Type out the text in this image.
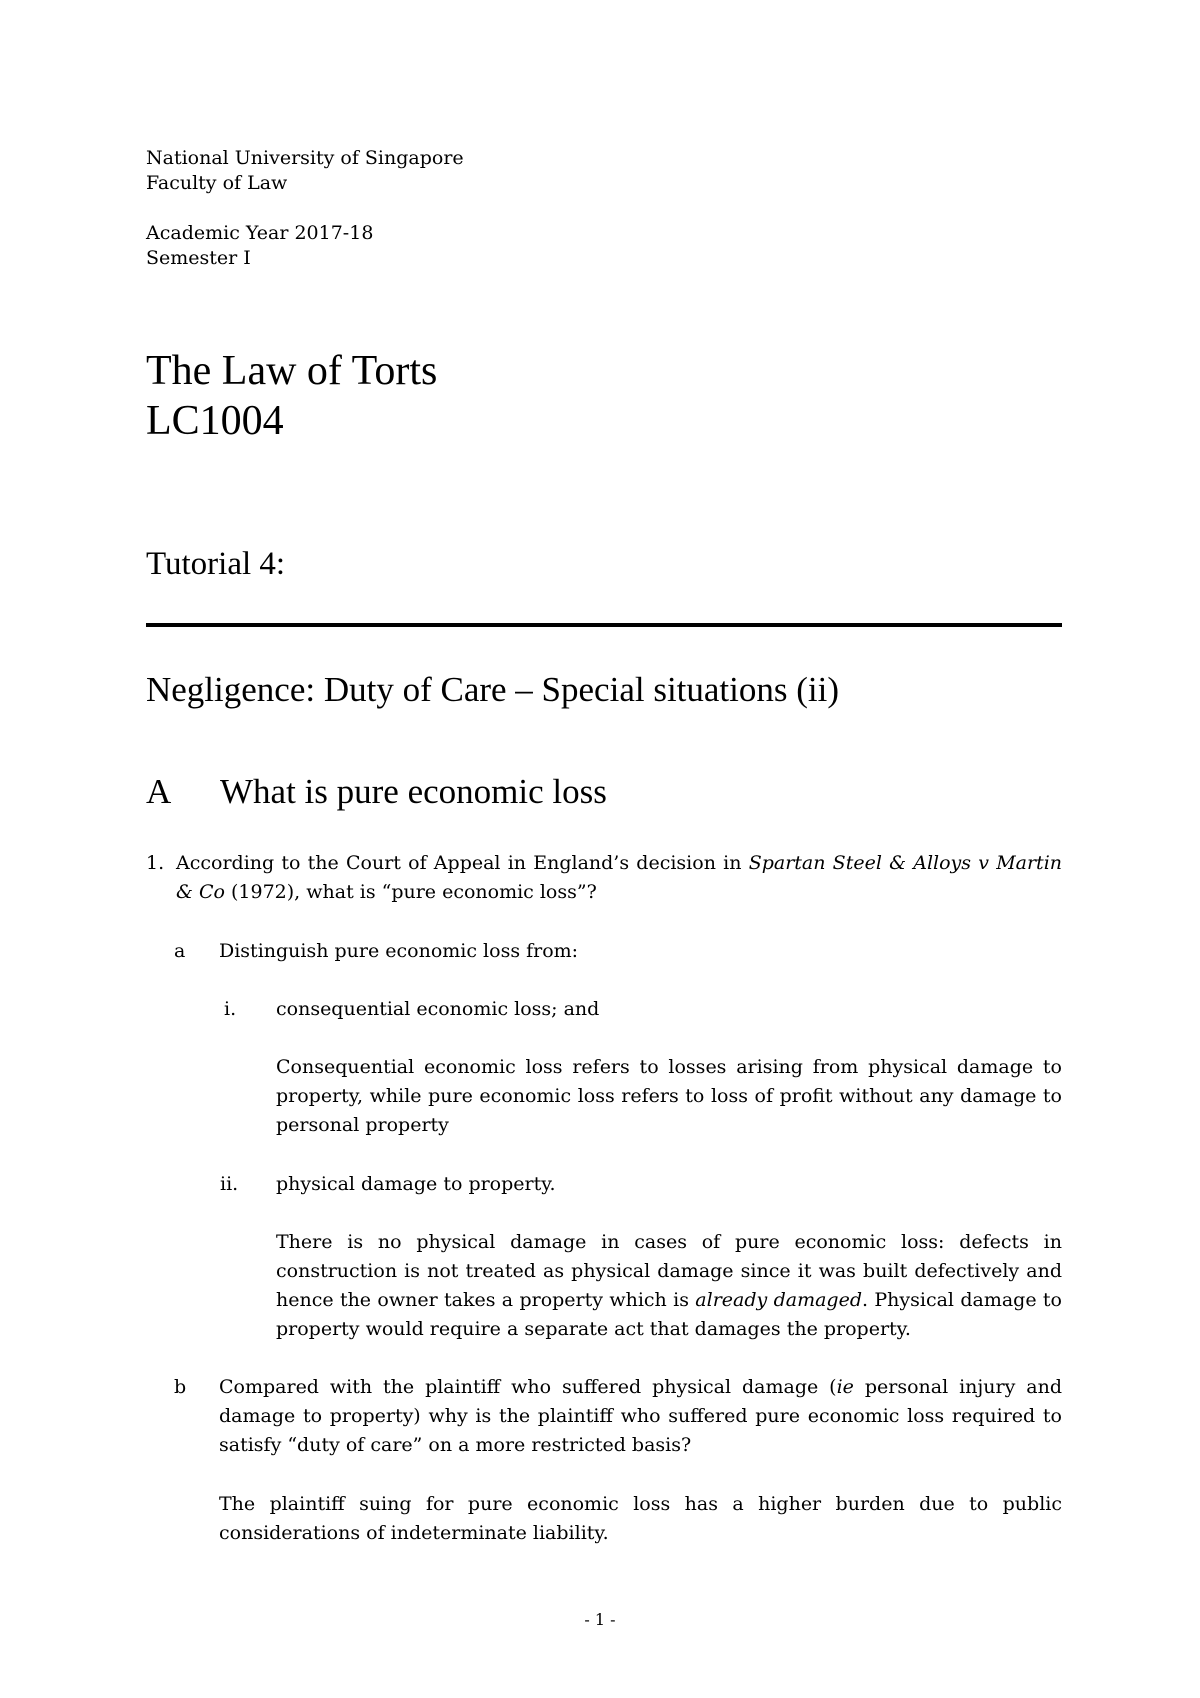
National University of Singapore
Faculty of Law
Academic Year 2017-18
Semester I
The Law of Torts
LC1004
Tutorial 4:
Negligence: Duty of Care – Special situations (ii)
A What is pure economic loss
1. According to the Court of Appeal in England’s decision in Spartan Steel & Alloys v Martin & Co (1972), what is “pure economic loss”?
a Distinguish pure economic loss from:
i. consequential economic loss; and
Consequential economic loss refers to losses arising from physical damage to property, while pure economic loss refers to loss of profit without any damage to personal property
ii. physical damage to property.
There is no physical damage in cases of pure economic loss: defects in construction is not treated as physical damage since it was built defectively and hence the owner takes a property which is already damaged. Physical damage to property would require a separate act that damages the property.
b Compared with the plaintiff who suffered physical damage (ie personal injury and damage to property) why is the plaintiff who suffered pure economic loss required to satisfy “duty of care” on a more restricted basis?
The plaintiff suing for pure economic loss has a higher burden due to public considerations of indeterminate liability.
- 1 -
